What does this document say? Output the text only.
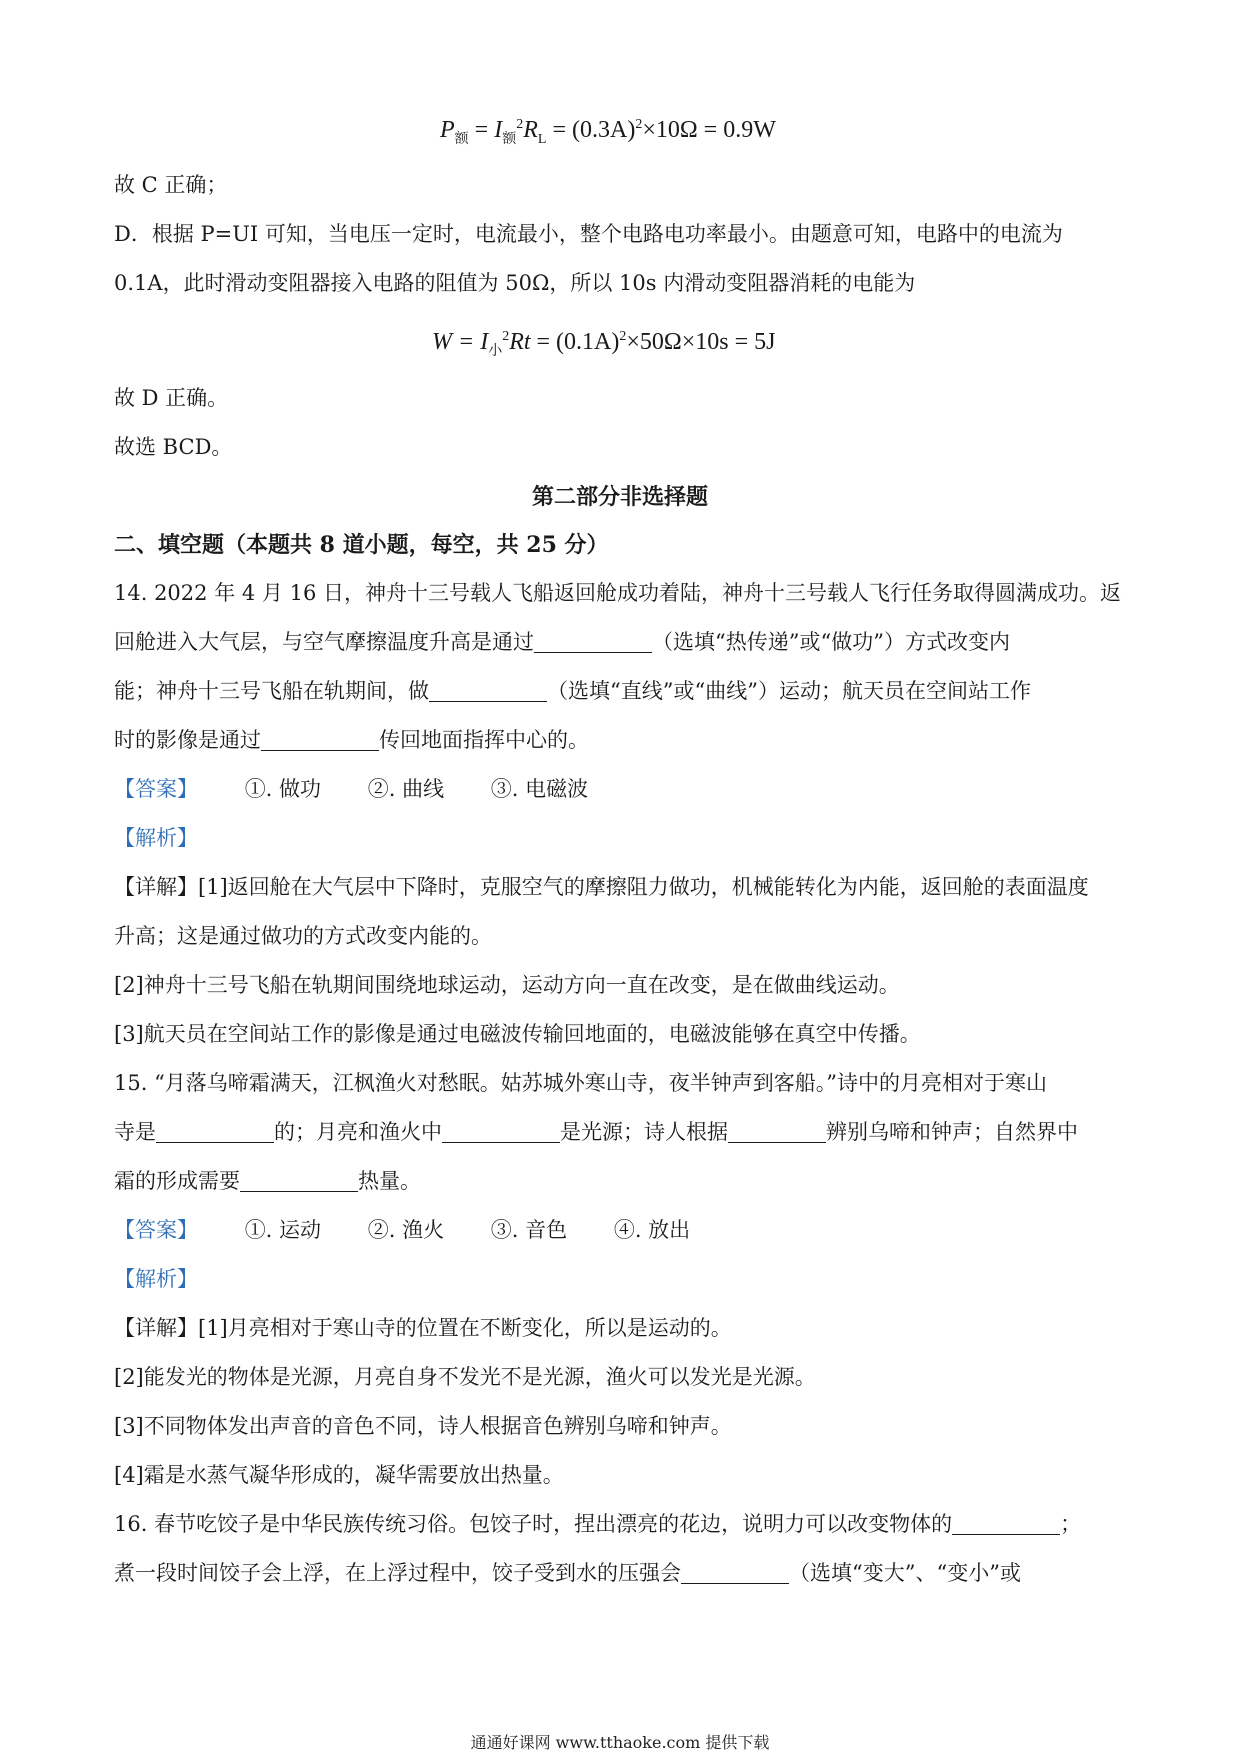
$P_额 = I_额^2R_L = (0.3A)^2\times 10\Omega = 0.9W$
故 C 正确；
D．根据 P=UI 可知，当电压一定时，电流最小，整个电路电功率最小。由题意可知，电路中的电流为
0.1A，此时滑动变阻器接入电路的阻值为 50Ω，所以 10s 内滑动变阻器消耗的电能为
$W = I_小^2Rt = (0.1A)^2\times 50\Omega\times 10s = 5J$
故 D 正确。
故选 BCD。
第二部分非选择题
二、填空题（本题共 8 道小题，每空，共 25 分）
14. 2022 年 4 月 16 日，神舟十三号载人飞船返回舱成功着陆，神舟十三号载人飞行任务取得圆满成功。返
回舱进入大气层，与空气摩擦温度升高是通过	（选填“热传递”或“做功”）方式改变内
能；神舟十三号飞船在轨期间，做	（选填“直线”或“曲线”）运动；航天员在空间站工作
时的影像是通过	传回地面指挥中心的。
【答案】 ①. 做功 ②. 曲线 ③. 电磁波
【解析】
【详解】[1]返回舱在大气层中下降时，克服空气的摩擦阻力做功，机械能转化为内能，返回舱的表面温度
升高；这是通过做功的方式改变内能的。
[2]神舟十三号飞船在轨期间围绕地球运动，运动方向一直在改变，是在做曲线运动。
[3]航天员在空间站工作的影像是通过电磁波传输回地面的，电磁波能够在真空中传播。
15. “月落乌啼霜满天，江枫渔火对愁眠。姑苏城外寒山寺，夜半钟声到客船。”诗中的月亮相对于寒山
寺是	的；月亮和渔火中	是光源；诗人根据	辨别乌啼和钟声；自然界中
霜的形成需要	热量。
【答案】 ①. 运动 ②. 渔火 ③. 音色 ④. 放出
【解析】
【详解】[1]月亮相对于寒山寺的位置在不断变化，所以是运动的。
[2]能发光的物体是光源，月亮自身不发光不是光源，渔火可以发光是光源。
[3]不同物体发出声音的音色不同，诗人根据音色辨别乌啼和钟声。
[4]霜是水蒸气凝华形成的，凝华需要放出热量。
16. 春节吃饺子是中华民族传统习俗。包饺子时，捏出漂亮的花边，说明力可以改变物体的	；
煮一段时间饺子会上浮，在上浮过程中，饺子受到水的压强会	（选填“变大”、“变小”或
通通好课网 www.tthaoke.com 提供下载
